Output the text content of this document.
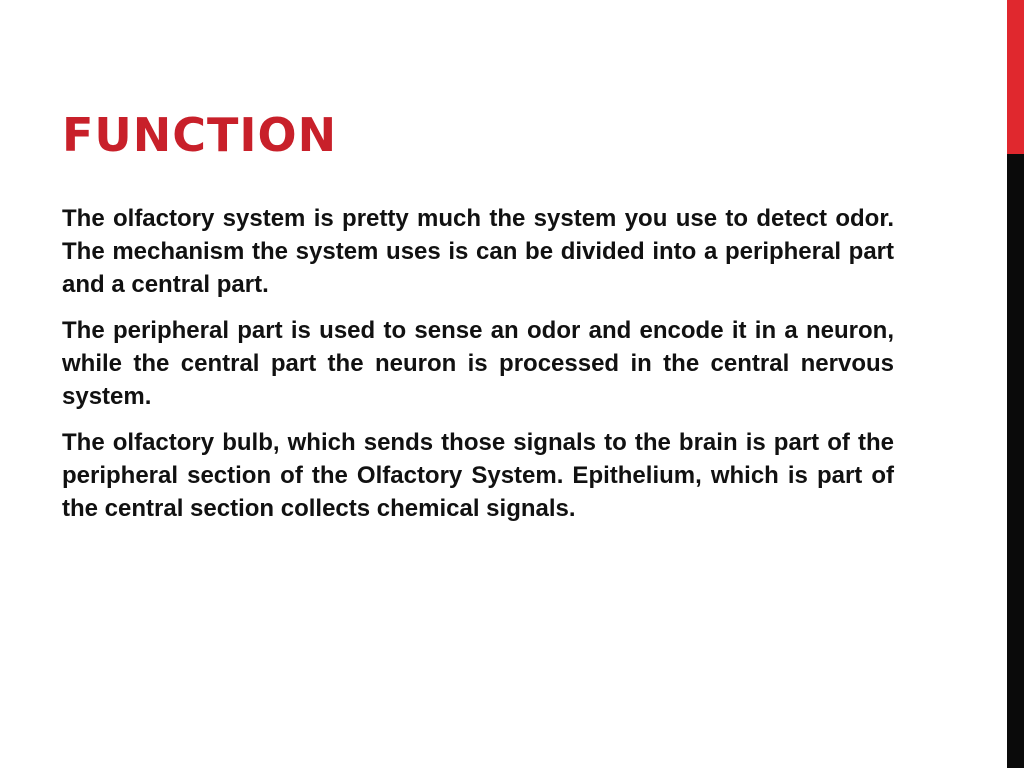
FUNCTION

The olfactory system is pretty much the system you use to detect odor. The mechanism the system uses is can be divided into a peripheral part and a central part.

The peripheral part is used to sense an odor and encode it in a neuron, while the central part the neuron is processed in the central nervous system.

The olfactory bulb, which sends those signals to the brain is part of the peripheral section of the Olfactory System. Epithelium, which is part of the central section collects chemical signals.
